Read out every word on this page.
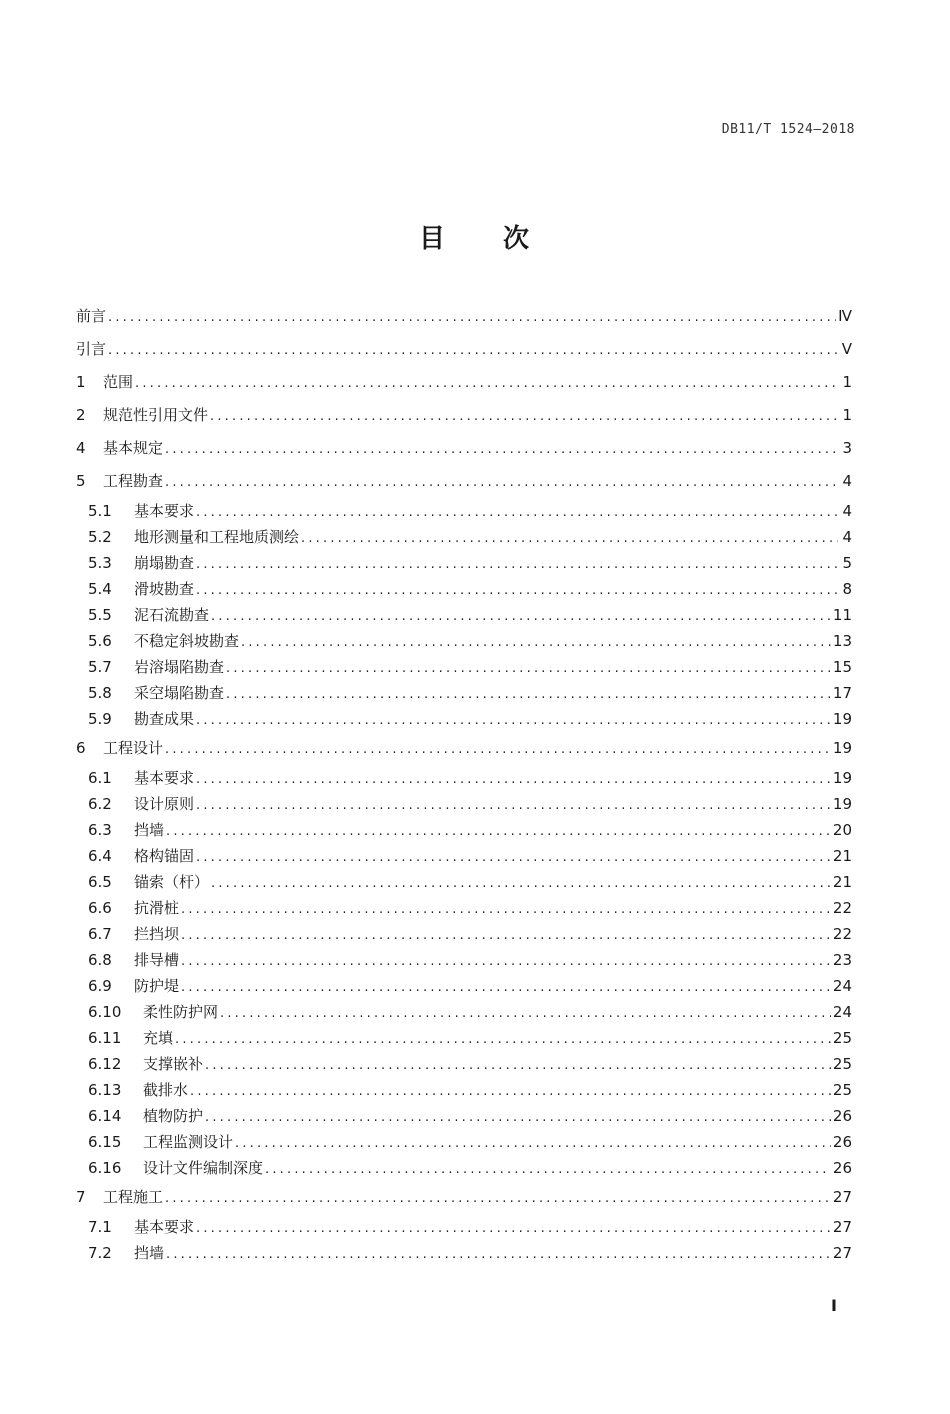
DB11/T 1524—2018
目 次
前言 .....	Ⅳ
引言 .....	V
1	范围 .....	1
2	规范性引用文件 .....	1
4	基本规定 .....	3
5	工程勘查 .....	4
5.1	基本要求 .....	4
5.2	地形测量和工程地质测绘 .....	4
5.3	崩塌勘查 .....	5
5.4	滑坡勘查 .....	8
5.5	泥石流勘查 .....	11
5.6	不稳定斜坡勘查 .....	13
5.7	岩溶塌陷勘查 .....	15
5.8	采空塌陷勘查 .....	17
5.9	勘查成果 .....	19
6	工程设计 .....	19
6.1	基本要求 .....	19
6.2	设计原则 .....	19
6.3	挡墙 .....	20
6.4	格构锚固 .....	21
6.5	锚索（杆） .....	21
6.6	抗滑桩 .....	22
6.7	拦挡坝 .....	22
6.8	排导槽 .....	23
6.9	防护堤 .....	24
6.10	柔性防护网 .....	24
6.11	充填 .....	25
6.12	支撑嵌补 .....	25
6.13	截排水 .....	25
6.14	植物防护 .....	26
6.15	工程监测设计 .....	26
6.16	设计文件编制深度 .....	26
7	工程施工 .....	27
7.1	基本要求 .....	27
7.2	挡墙 .....	27
I
